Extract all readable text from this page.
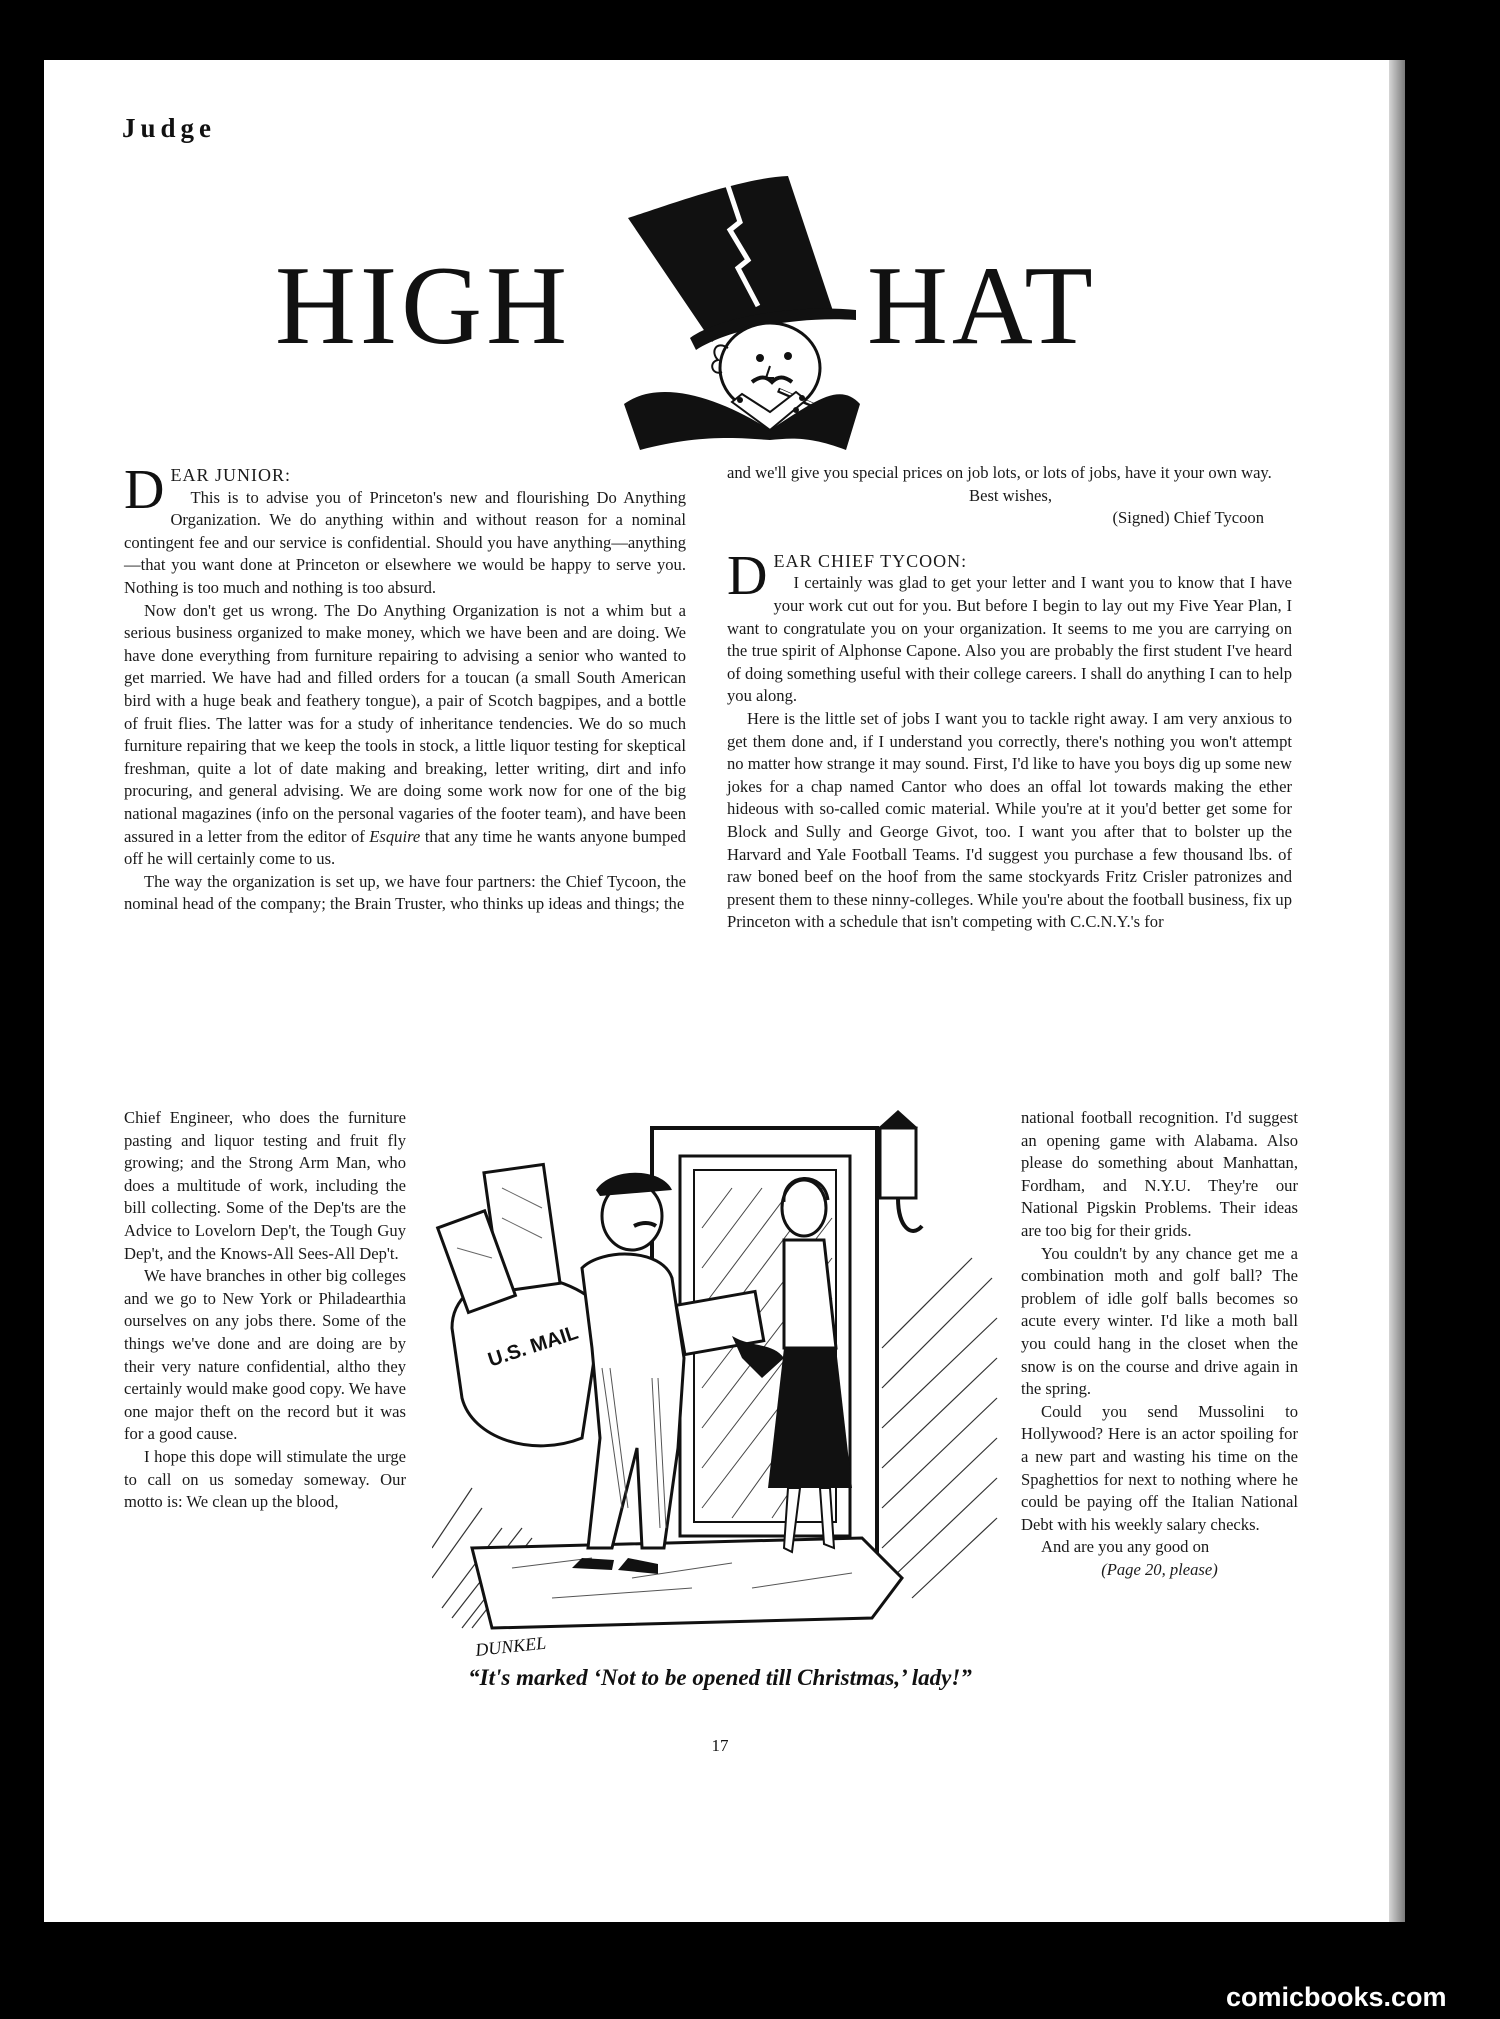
Judge
HIGH	HAT
D EAR JUNIOR:

This is to advise you of Princeton's new and flourishing Do Anything Organization. We do anything within and without reason for a nominal contingent fee and our service is confidential. Should you have anything—anything—that you want done at Princeton or elsewhere we would be happy to serve you. Nothing is too much and nothing is too absurd.

Now don't get us wrong. The Do Anything Organization is not a whim but a serious business organized to make money, which we have been and are doing. We have done everything from furniture repairing to advising a senior who wanted to get married. We have had and filled orders for a toucan (a small South American bird with a huge beak and feathery tongue), a pair of Scotch bagpipes, and a bottle of fruit flies. The latter was for a study of inheritance tendencies. We do so much furniture repairing that we keep the tools in stock, a little liquor testing for skeptical freshman, quite a lot of date making and breaking, letter writing, dirt and info procuring, and general advising. We are doing some work now for one of the big national magazines (info on the personal vagaries of the footer team), and have been assured in a letter from the editor of Esquire that any time he wants anyone bumped off he will certainly come to us.

The way the organization is set up, we have four partners: the Chief Tycoon, the nominal head of the company; the Brain Truster, who thinks up ideas and things; the

Chief Engineer, who does the furniture pasting and liquor testing and fruit fly growing; and the Strong Arm Man, who does a multitude of work, including the bill collecting. Some of the Dep'ts are the Advice to Lovelorn Dep't, the Tough Guy Dep't, and the Knows-All Sees-All Dep't.

We have branches in other big colleges and we go to New York or Philadearthia ourselves on any jobs there. Some of the things we've done and are doing are by their very nature confidential, altho they certainly would make good copy. We have one major theft on the record but it was for a good cause.

I hope this dope will stimulate the urge to call on us someday someway. Our motto is: We clean up the blood,

and we'll give you special prices on job lots, or lots of jobs, have it your own way.

Best wishes,

(Signed) Chief Tycoon

D EAR CHIEF TYCOON:

I certainly was glad to get your letter and I want you to know that I have your work cut out for you. But before I begin to lay out my Five Year Plan, I want to congratulate you on your organization. It seems to me you are carrying on the true spirit of Alphonse Capone. Also you are probably the first student I've heard of doing something useful with their college careers. I shall do anything I can to help you along.

Here is the little set of jobs I want you to tackle right away. I am very anxious to get them done and, if I understand you correctly, there's nothing you won't attempt no matter how strange it may sound. First, I'd like to have you boys dig up some new jokes for a chap named Cantor who does an offal lot towards making the ether hideous with so-called comic material. While you're at it you'd better get some for Block and Sully and George Givot, too. I want you after that to bolster up the Harvard and Yale Football Teams. I'd suggest you purchase a few thousand lbs. of raw boned beef on the hoof from the same stockyards Fritz Crisler patronizes and present them to these ninny-colleges. While you're about the football business, fix up Princeton with a schedule that isn't competing with C.C.N.Y.'s for

national football recognition. I'd suggest an opening game with Alabama. Also please do something about Manhattan, Fordham, and N.Y.U. They're our National Pigskin Problems. Their ideas are too big for their grids.

You couldn't by any chance get me a combination moth and golf ball? The problem of idle golf balls becomes so acute every winter. I'd like a moth ball you could hang in the closet when the snow is on the course and drive again in the spring.

Could you send Mussolini to Hollywood? Here is an actor spoiling for a new part and wasting his time on the Spaghettios for next to nothing where he could be paying off the Italian National Debt with his weekly salary checks.

And are you any good on

(Page 20, please)

U.S. MAIL
DUNKEL
“It's marked ‘Not to be opened till Christmas,’ lady!”
17
comicbooks.com
